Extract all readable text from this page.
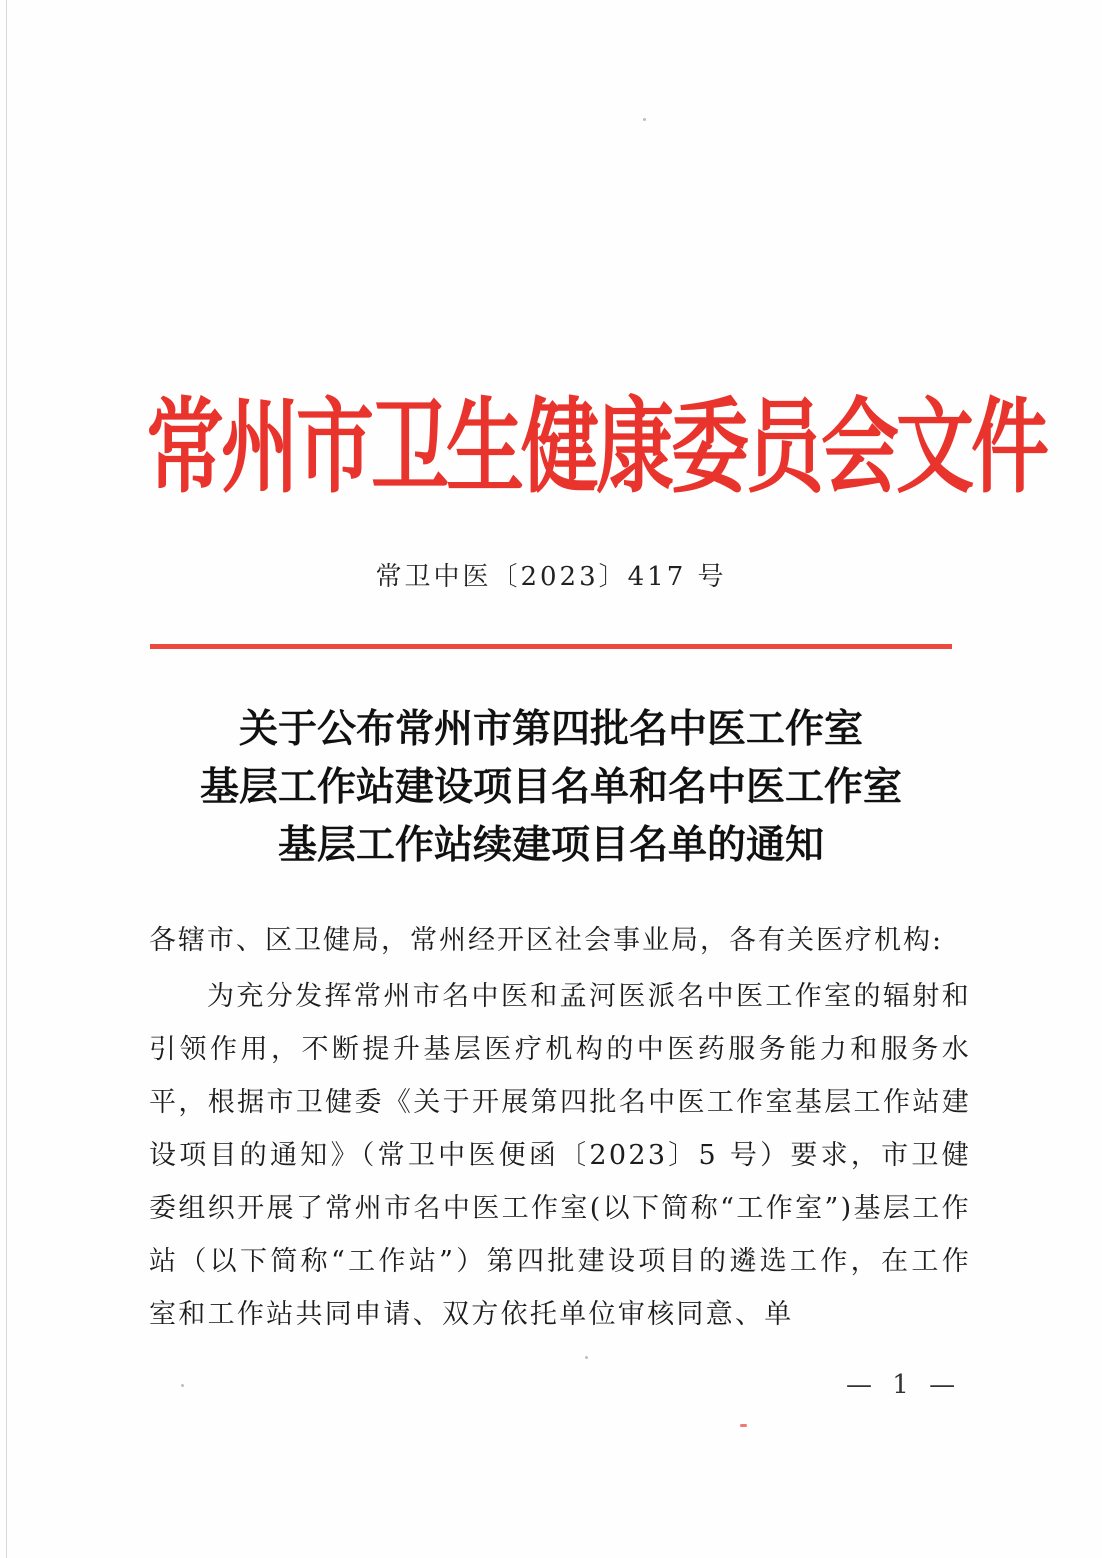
常州市卫生健康委员会文件
常卫中医〔2023〕417 号
关于公布常州市第四批名中医工作室
基层工作站建设项目名单和名中医工作室
基层工作站续建项目名单的通知
各辖市、区卫健局，常州经开区社会事业局，各有关医疗机构:
为充分发挥常州市名中医和孟河医派名中医工作室的辐射和引领作用，不断提升基层医疗机构的中医药服务能力和服务水平，根据市卫健委《关于开展第四批名中医工作室基层工作站建设项目的通知》（常卫中医便函〔2023〕5 号）要求，市卫健委组织开展了常州市名中医工作室(以下简称“工作室”)基层工作站（以下简称“工作站”）第四批建设项目的遴选工作，在工作室和工作站共同申请、双方依托单位审核同意、单
— 1 —
